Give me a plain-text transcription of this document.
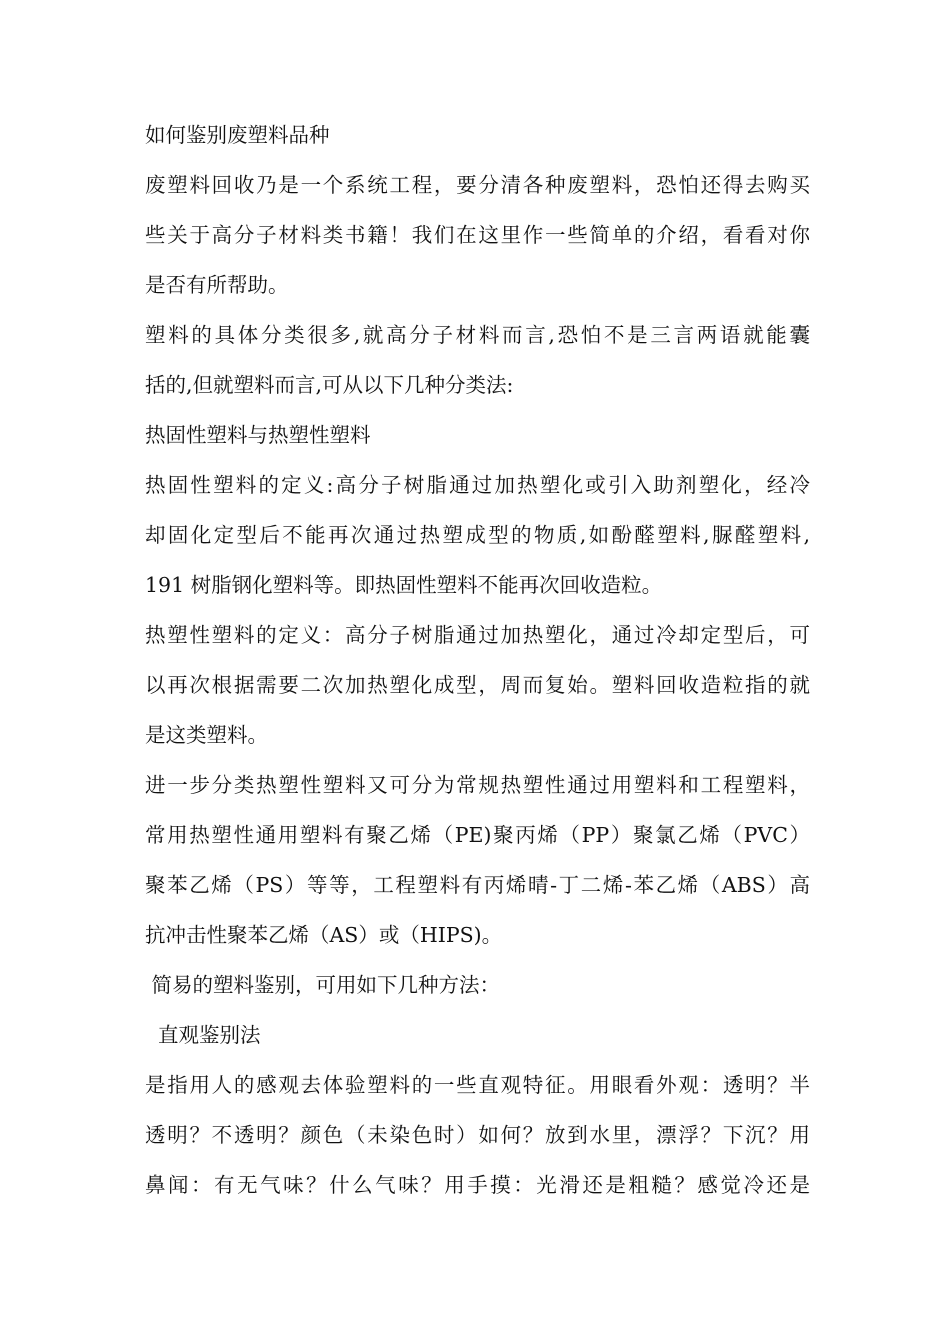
如何鉴别废塑料品种
废塑料回收乃是一个系统工程，要分清各种废塑料，恐怕还得去购买
些关于高分子材料类书籍！我们在这里作一些简单的介绍，看看对你
是否有所帮助。
塑料的具体分类很多,就高分子材料而言,恐怕不是三言两语就能囊
括的,但就塑料而言,可从以下几种分类法:
热固性塑料与热塑性塑料
热固性塑料的定义:高分子树脂通过加热塑化或引入助剂塑化，经冷
却固化定型后不能再次通过热塑成型的物质,如酚醛塑料,脲醛塑料,
191 树脂钢化塑料等。即热固性塑料不能再次回收造粒。
热塑性塑料的定义：高分子树脂通过加热塑化，通过冷却定型后，可
以再次根据需要二次加热塑化成型，周而复始。塑料回收造粒指的就
是这类塑料。
进一步分类热塑性塑料又可分为常规热塑性通过用塑料和工程塑料，
常用热塑性通用塑料有聚乙烯（PE)聚丙烯（PP）聚氯乙烯（PVC）
聚苯乙烯（PS）等等，工程塑料有丙烯晴-丁二烯-苯乙烯（ABS）高
抗冲击性聚苯乙烯（AS）或（HIPS)。
简易的塑料鉴别，可用如下几种方法：
直观鉴别法
是指用人的感观去体验塑料的一些直观特征。用眼看外观：透明？半
透明？不透明？颜色（未染色时）如何？放到水里，漂浮？下沉？用
鼻闻：有无气味？什么气味？用手摸：光滑还是粗糙？感觉冷还是
